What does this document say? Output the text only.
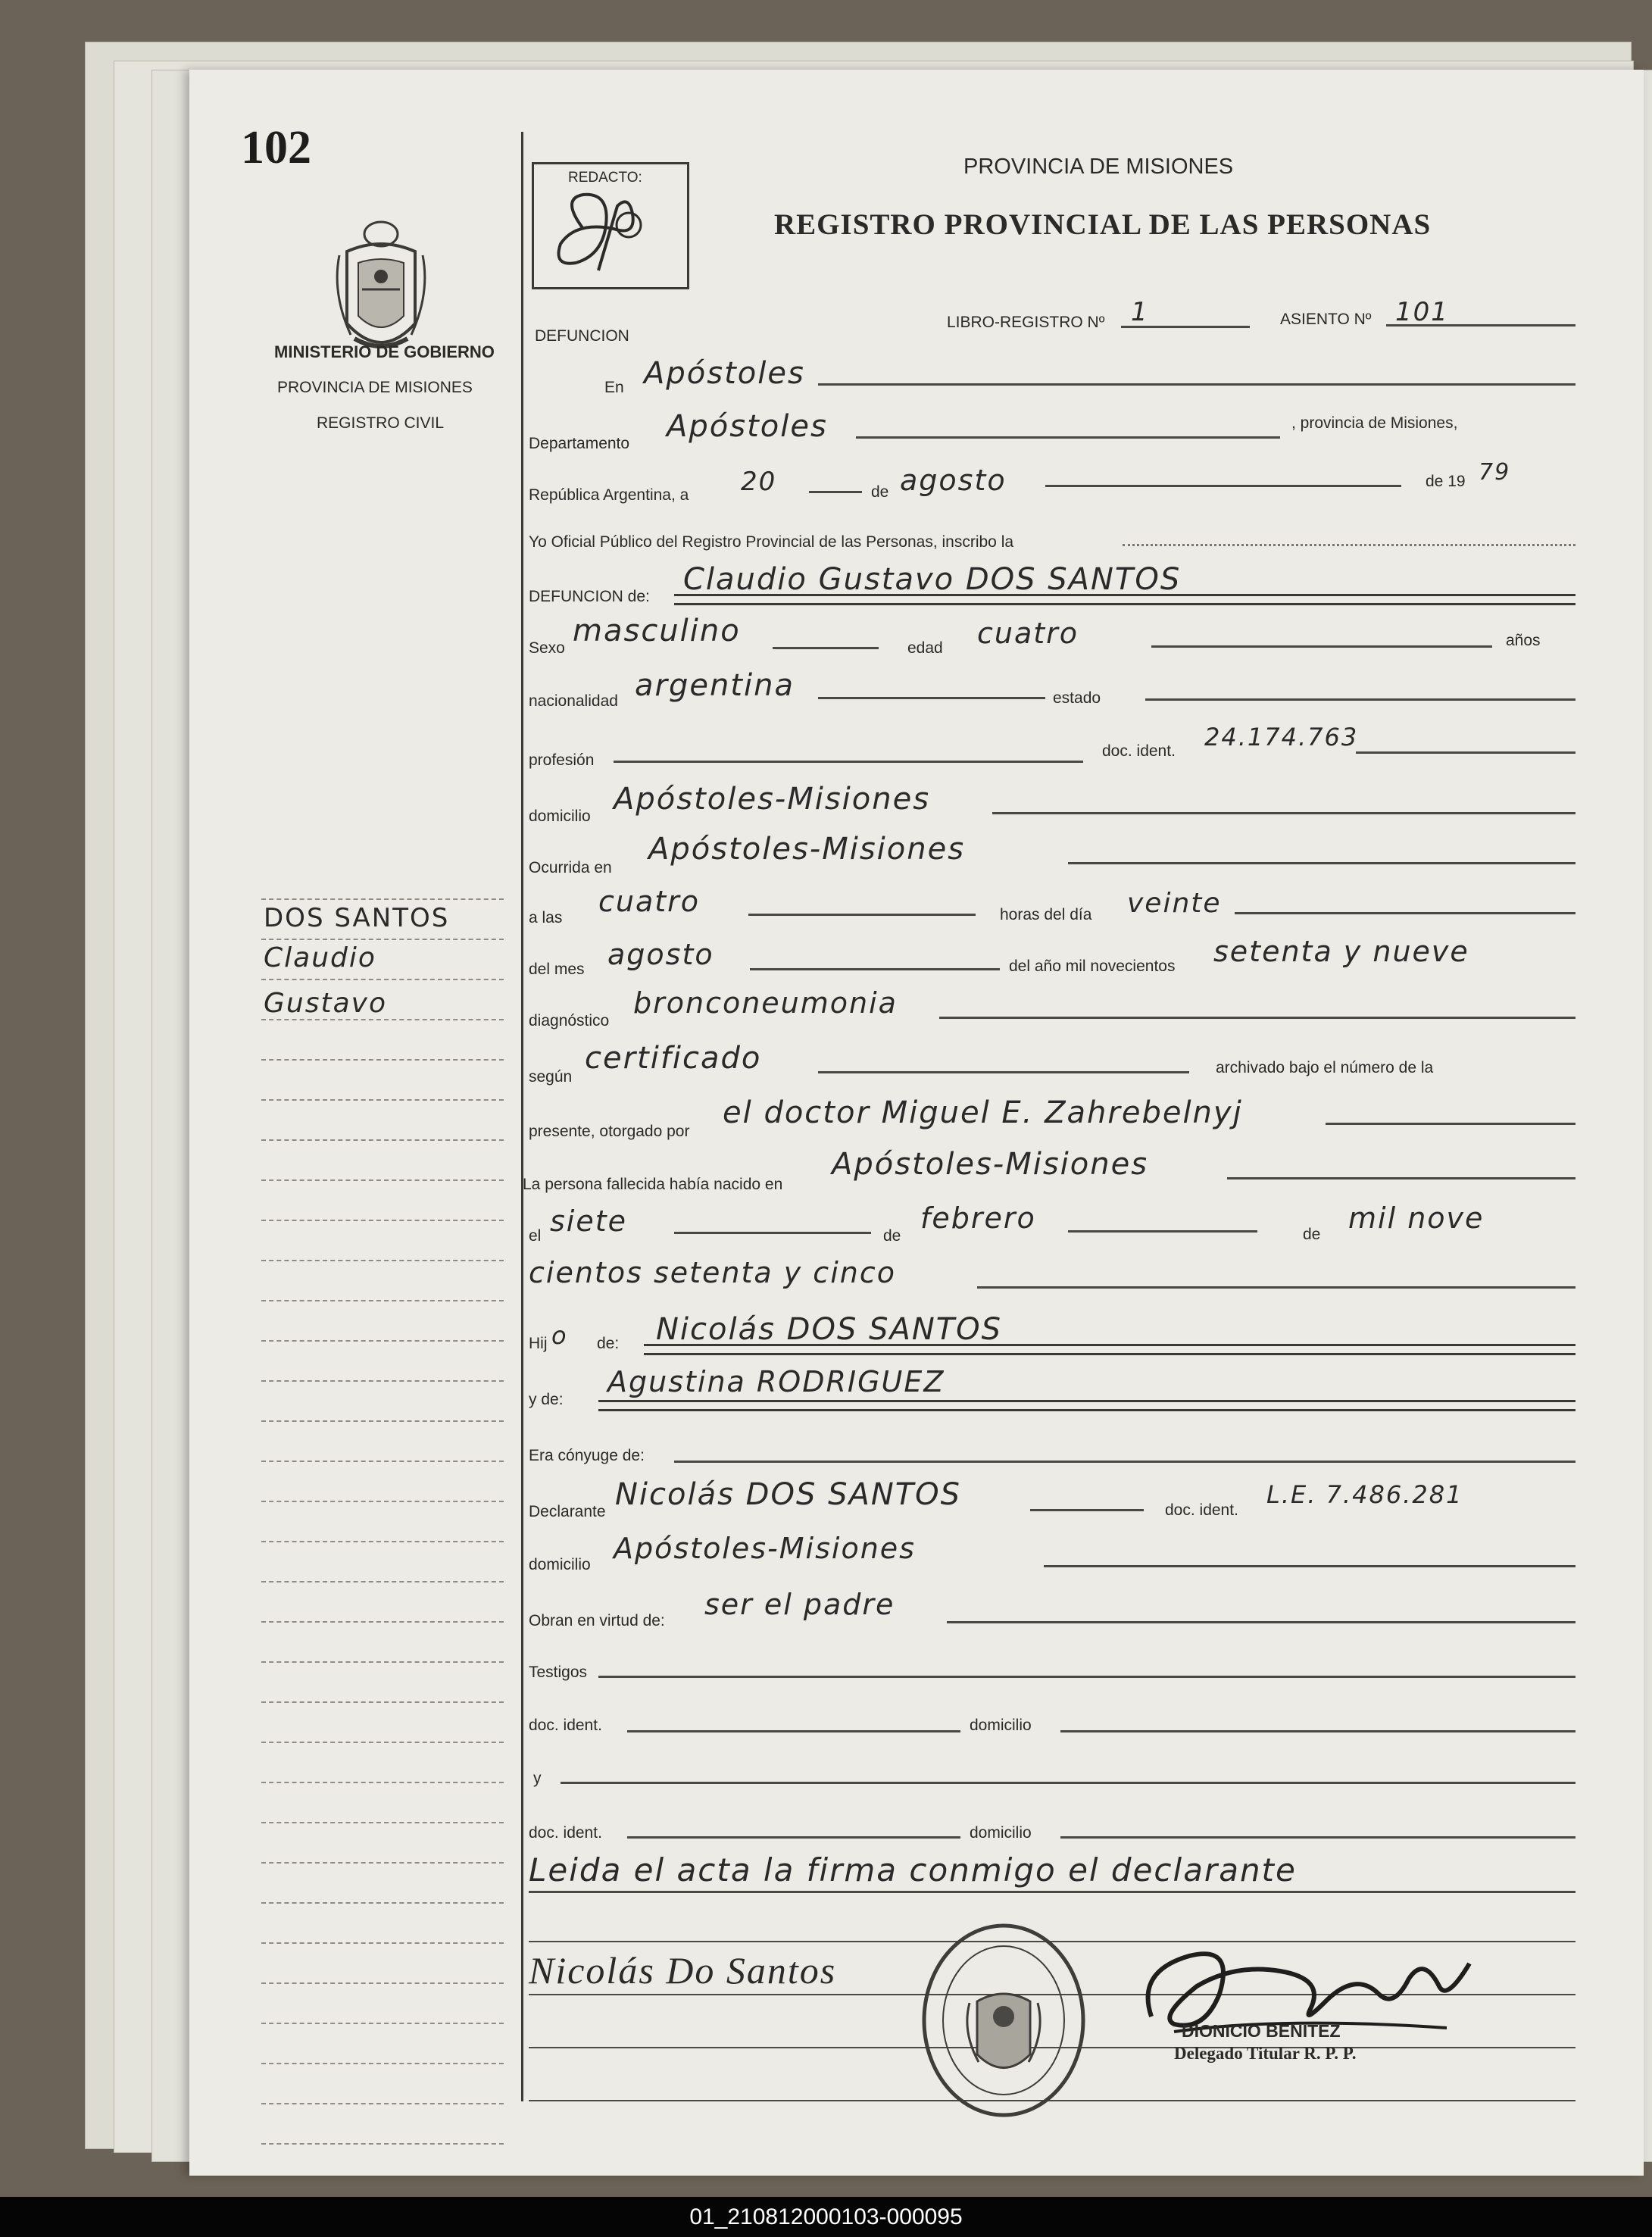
102
MINISTERIO DE GOBIERNO
PROVINCIA DE MISIONES
REGISTRO CIVIL
DOS SANTOS
Claudio
Gustavo
REDACTO:	PROVINCIA DE MISIONES
REGISTRO PROVINCIAL DE LAS PERSONAS
DEFUNCION
LIBRO-REGISTRO Nº 1	ASIENTO Nº 101
En Apóstoles
Departamento Apóstoles	, provincia de Misiones,
República Argentina, a 20	de agosto	de 19 79
Yo Oficial Público del Registro Provincial de las Personas, inscribo la
DEFUNCION de: Claudio Gustavo DOS SANTOS
Sexo masculino	edad cuatro	años
nacionalidad argentina	estado
profesión
doc. ident. 24.174.763
domicilio Apóstoles-Misiones
Ocurrida en
Apóstoles-Misiones
a las cuatro	horas del día veinte
del mes agosto	del año mil novecientos setenta y nueve
diagnóstico
bronconeumonia
según
certificado	archivado bajo el número de la
presente, otorgado por
el doctor Miguel E. Zahrebelnyj
La persona fallecida había nacido en
Apóstoles-Misiones
el siete	de
febrero	de mil nove
cientos setenta y cinco
Hij o de: Nicolás DOS SANTOS
y de:
Agustina RODRIGUEZ
Era cónyuge de:
Declarante Nicolás DOS SANTOS	doc. ident.
L.E. 7.486.281
domicilio Apóstoles-Misiones
Obran en virtud de: ser el padre
Testigos
doc. ident.	domicilio
y
doc. ident.	domicilio
Leida el acta la firma conmigo el declarante
Nicolás Do Santos
DIONICIO BENITEZ
Delegado Titular R. P. P.
01_210812000103-000095
